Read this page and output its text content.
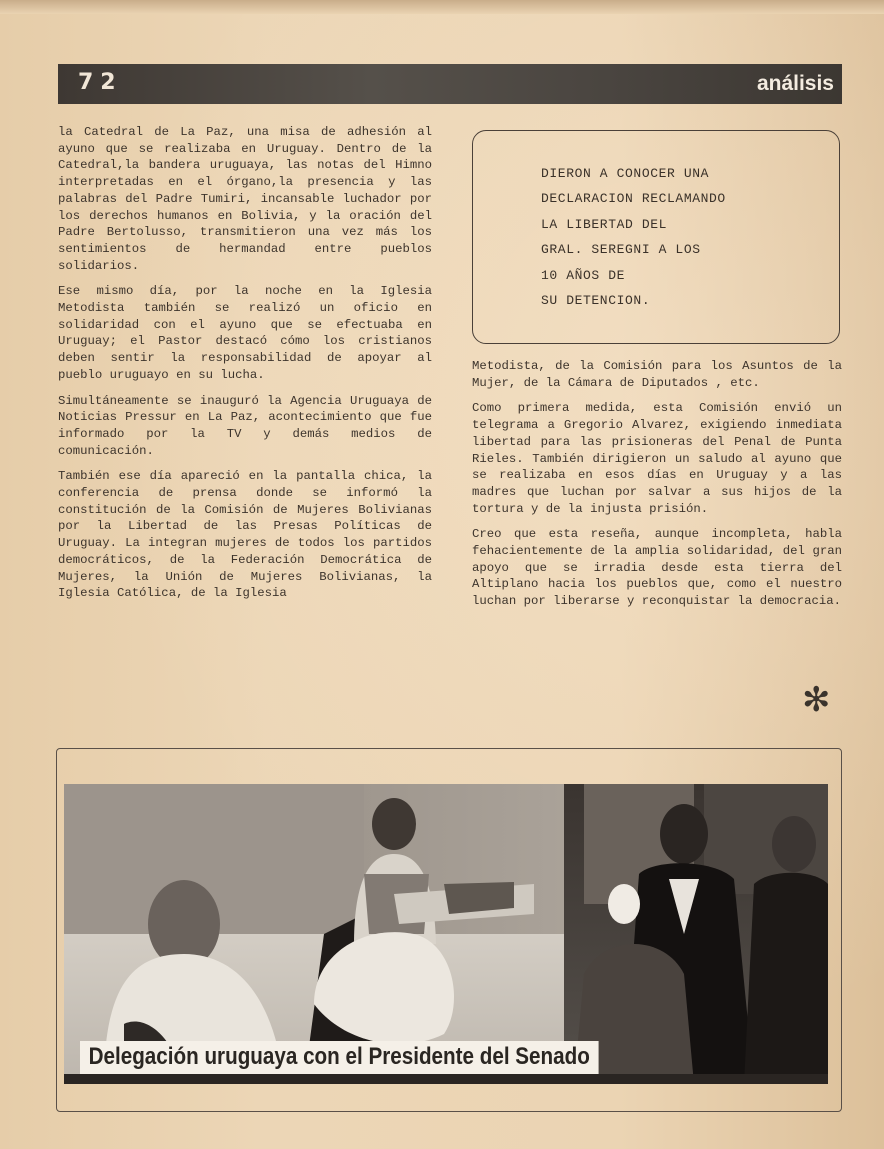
72	análisis

la Catedral de La Paz, una misa de adhesión al ayuno que se realizaba en Uruguay. Dentro de la Catedral,la bandera uruguaya, las notas del Himno interpretadas en el órgano,la presencia y las palabras del Padre Tumiri, incansable luchador por los derechos humanos en Bolivia, y la oración del Padre Bertolusso, transmitieron una vez más los sentimientos de hermandad entre pueblos solidarios.

Ese mismo día, por la noche en la Iglesia Metodista también se realizó un oficio en solidaridad con el ayuno que se efectuaba en Uruguay; el Pastor destacó cómo los cristianos deben sentir la responsabilidad de apoyar al pueblo uruguayo en su lucha.

Simultáneamente se inauguró la Agencia Uruguaya de Noticias Pressur en La Paz, acontecimiento que fue informado por la TV y demás medios de comunicación.

También ese día apareció en la pantalla chica, la conferencia de prensa donde se informó la constitución de la Comisión de Mujeres Bolivianas por la Libertad de las Presas Políticas de Uruguay. La integran mujeres de todos los partidos democráticos, de la Federación Democrática de Mujeres, la Unión de Mujeres Bolivianas, la Iglesia Católica, de la Iglesia

DIERON A CONOCER UNA
DECLARACION RECLAMANDO
LA LIBERTAD DEL
GRAL. SEREGNI A LOS
10 AÑOS DE
SU DETENCION.

Metodista, de la Comisión para los Asuntos de la Mujer, de la Cámara de Diputados , etc.

Como primera medida, esta Comisión envió un telegrama a Gregorio Alvarez, exigiendo inmediata libertad para las prisioneras del Penal de Punta Rieles. También dirigieron un saludo al ayuno que se realizaba en esos días en Uruguay y a las madres que luchan por salvar a sus hijos de la tortura y de la injusta prisión.

Creo que esta reseña, aunque incompleta, habla fehacientemente de la amplia solidaridad, del gran apoyo que se irradia desde esta tierra del Altiplano hacia los pueblos que, como el nuestro luchan por liberarse y reconquistar la democracia.

✻
Delegación uruguaya con el Presidente del Senado
